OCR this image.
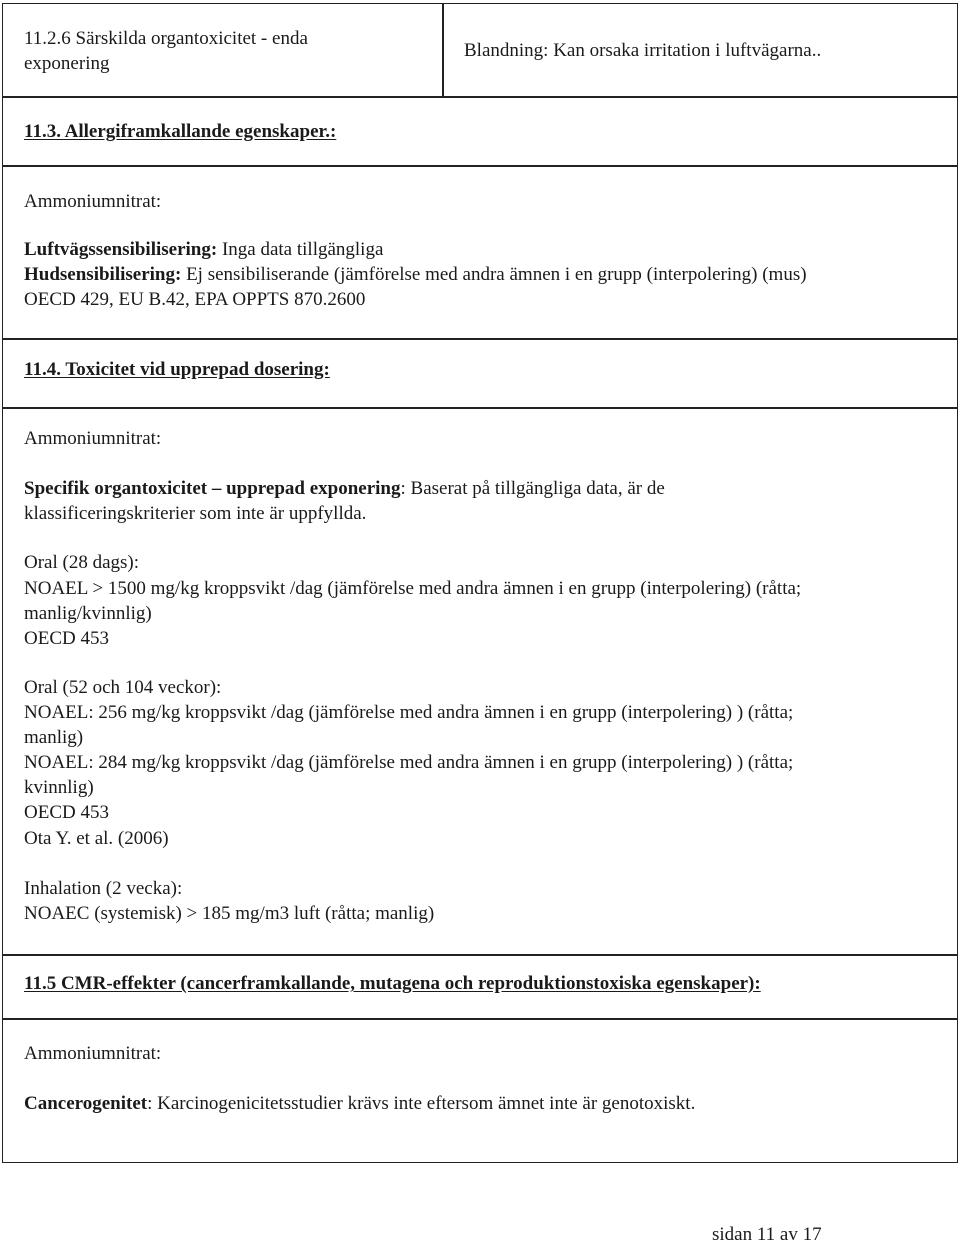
11.2.6 Särskilda organtoxicitet - enda
exponering
Blandning: Kan orsaka irritation i luftvägarna..
11.3. Allergiframkallande egenskaper.:
Ammoniumnitrat:
Luftvägssensibilisering: Inga data tillgängliga
Hudsensibilisering: Ej sensibiliserande (jämförelse med andra ämnen i en grupp (interpolering) (mus)
OECD 429, EU B.42, EPA OPPTS 870.2600
11.4. Toxicitet vid upprepad dosering:
Ammoniumnitrat:
Specifik organtoxicitet – upprepad exponering: Baserat på tillgängliga data, är de
klassificeringskriterier som inte är uppfyllda.
Oral (28 dags):
NOAEL > 1500 mg/kg kroppsvikt /dag (jämförelse med andra ämnen i en grupp (interpolering) (råtta;
manlig/kvinnlig)
OECD 453
Oral (52 och 104 veckor):
NOAEL: 256 mg/kg kroppsvikt /dag (jämförelse med andra ämnen i en grupp (interpolering) ) (råtta;
manlig)
NOAEL: 284 mg/kg kroppsvikt /dag (jämförelse med andra ämnen i en grupp (interpolering) ) (råtta;
kvinnlig)
OECD 453
Ota Y. et al. (2006)
Inhalation (2 vecka):
NOAEC (systemisk) > 185 mg/m3 luft (råtta; manlig)
11.5 CMR-effekter (cancerframkallande, mutagena och reproduktionstoxiska egenskaper):
Ammoniumnitrat:
Cancerogenitet: Karcinogenicitetsstudier krävs inte eftersom ämnet inte är genotoxiskt.
sidan 11 av 17
